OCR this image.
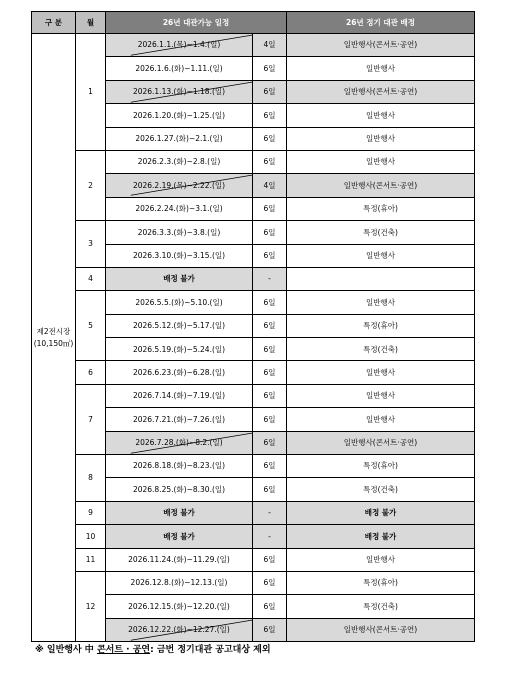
구 분	월	26년 대관가능 일정		26년 정기 대관 배정

제2전시장
(10,150㎡)	1	2026.1.1.(목)~1.4.(일)	4일	일반행사(콘서트·공연)
		2026.1.6.(화)~1.11.(일)	6일	일반행사
		2026.1.13.(화)~1.18.(일)	6일	일반행사(콘서트·공연)
		2026.1.20.(화)~1.25.(일)	6일	일반행사
		2026.1.27.(화)~2.1.(일)	6일	일반행사
	2	2026.2.3.(화)~2.8.(일)	6일	일반행사
		2026.2.19.(목)~2.22.(일)	4일	일반행사(콘서트·공연)
		2026.2.24.(화)~3.1.(일)	6일	특정(휴아)
	3	2026.3.3.(화)~3.8.(일)	6일	특정(건축)
		2026.3.10.(화)~3.15.(일)	6일	일반행사
	4	배정 불가	-	
	5	2026.5.5.(화)~5.10.(일)	6일	일반행사
		2026.5.12.(화)~5.17.(일)	6일	특정(휴아)
		2026.5.19.(화)~5.24.(일)	6일	특정(건축)
	6	2026.6.23.(화)~6.28.(일)	6일	일반행사
	7	2026.7.14.(화)~7.19.(일)	6일	일반행사
		2026.7.21.(화)~7.26.(일)	6일	일반행사
		2026.7.28.(화)~8.2.(일)	6일	일반행사(콘서트·공연)
	8	2026.8.18.(화)~8.23.(일)	6일	특정(휴아)
		2026.8.25.(화)~8.30.(일)	6일	특정(건축)
	9	배정 불가	-	배정 불가
	10	배정 불가	-	배정 불가
	11	2026.11.24.(화)~11.29.(일)	6일	일반행사
	12	2026.12.8.(화)~12.13.(일)	6일	특정(휴아)
		2026.12.15.(화)~12.20.(일)	6일	특정(건축)
		2026.12.22.(화)~12.27.(일)	6일	일반행사(콘서트·공연)
※ 일반행사 中 콘서트 · 공연: 금번 정기대관 공고대상 제외
